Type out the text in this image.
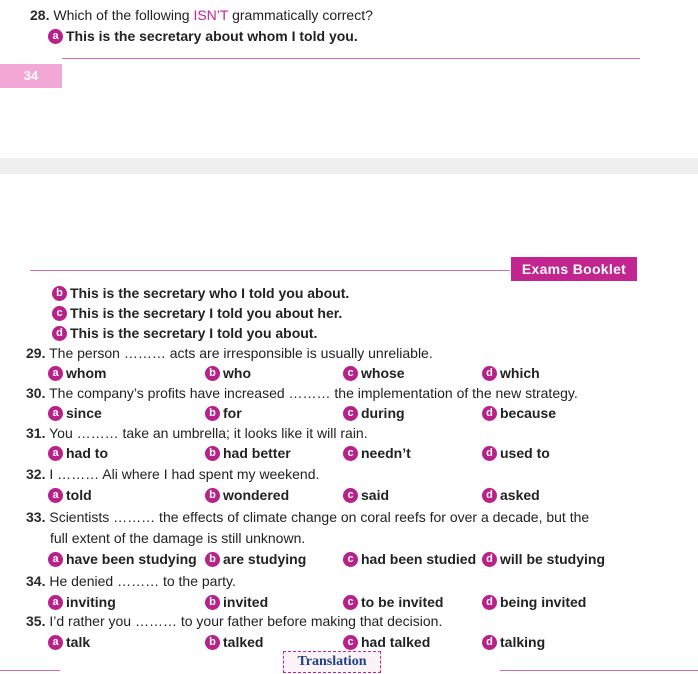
28. Which of the following ISN’T grammatically correct?
a This is the secretary about whom I told you.
34
Exams Booklet
b This is the secretary who I told you about.
c This is the secretary I told you about her.
d This is the secretary I told you about.
29. The person ……… acts are irresponsible is usually unreliable.
a whom	b who	c whose	d which
30. The company’s profits have increased ……… the implementation of the new strategy.
a since	b for	c during	d because
31. You ……… take an umbrella; it looks like it will rain.
a had to	b had better	c needn’t	d used to
32. I ……… Ali where I had spent my weekend.
a told	b wondered	c said	d asked
33. Scientists ……… the effects of climate change on coral reefs for over a decade, but the
full extent of the damage is still unknown.
a have been studying	b are studying	c had been studied d will be studying
34. He denied ……… to the party.
a inviting	b invited	c to be invited	d being invited
35. I’d rather you ……… to your father before making that decision.
a talk	b talked	c had talked	d talking
Translation
